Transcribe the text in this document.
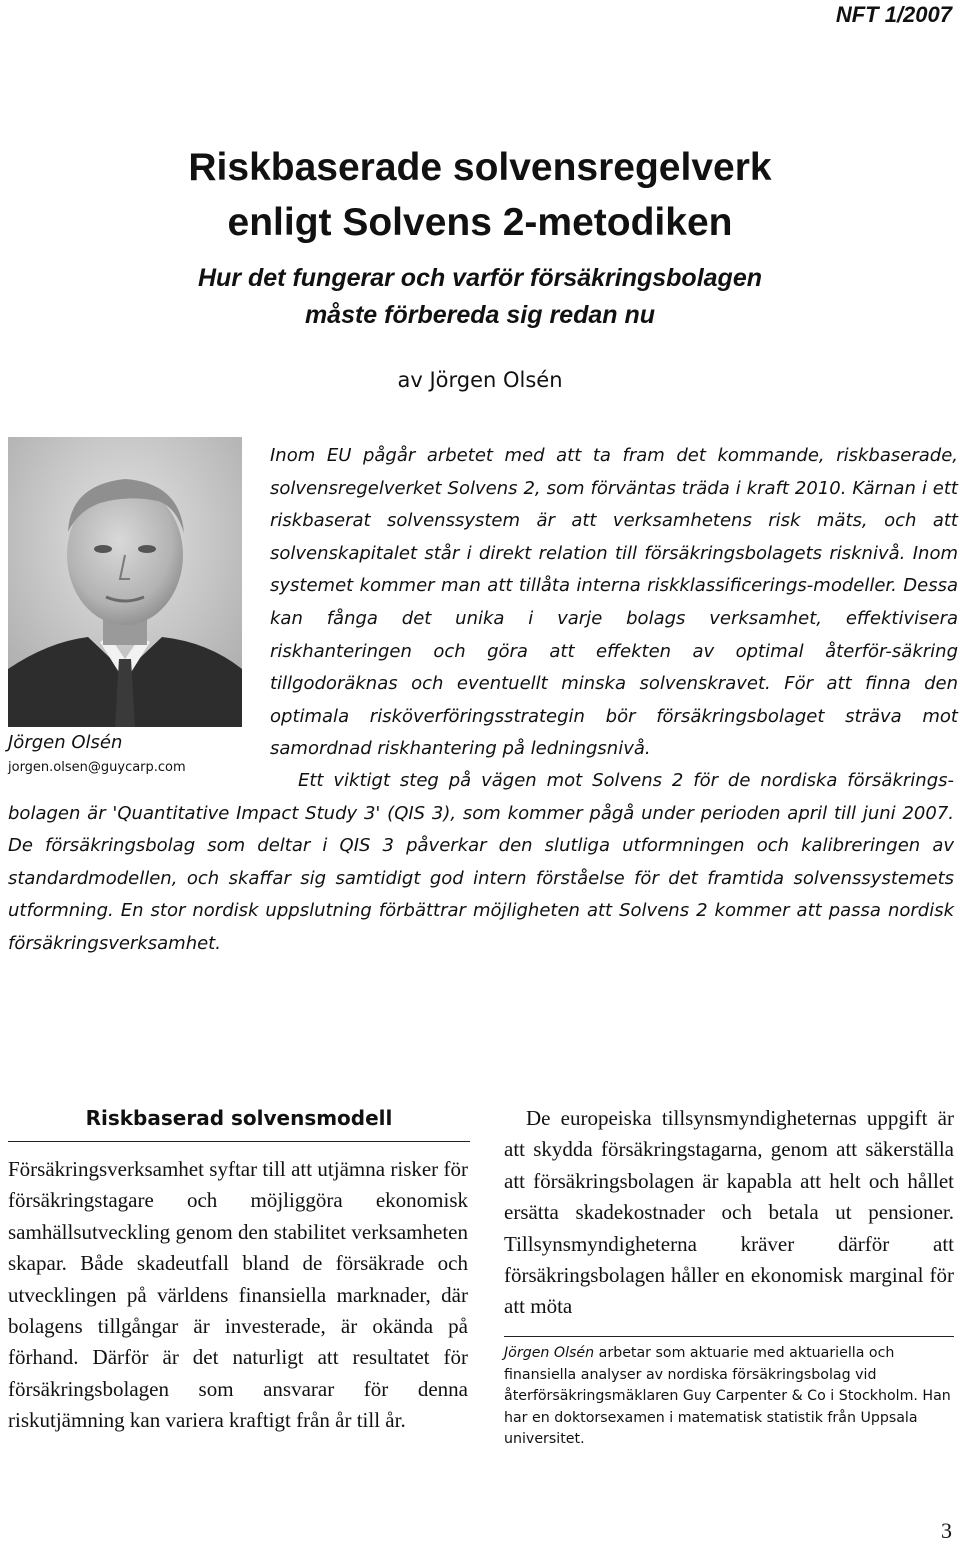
NFT 1/2007
Riskbaserade solvensregelverk
enligt Solvens 2-metodiken
Hur det fungerar och varför försäkringsbolagen
måste förbereda sig redan nu
av Jörgen Olsén
Jörgen Olsén
jorgen.olsen@guycarp.com

Inom EU pågår arbetet med att ta fram det kommande, riskbaserade, solvensregelverket Solvens 2, som förväntas träda i kraft 2010. Kärnan i ett riskbaserat solvenssystem är att verksamhetens risk mäts, och att solvenskapitalet står i direkt relation till försäkringsbolagets risknivå. Inom systemet kommer man att tillåta interna riskklassificerings-modeller. Dessa kan fånga det unika i varje bolags verksamhet, effektivisera riskhanteringen och göra att effekten av optimal återför-säkring tillgodoräknas och eventuellt minska solvenskravet. För att finna den optimala risköverföringsstrategin bör försäkringsbolaget sträva mot samordnad riskhantering på ledningsnivå.

Ett viktigt steg på vägen mot Solvens 2 för de nordiska försäkrings-bolagen är 'Quantitative Impact Study 3' (QIS 3), som kommer pågå under perioden april till juni 2007. De försäkringsbolag som deltar i QIS 3 påverkar den slutliga utformningen och kalibreringen av standardmodellen, och skaffar sig samtidigt god intern förståelse för det framtida solvenssystemets utformning. En stor nordisk uppslutning förbättrar möjligheten att Solvens 2 kommer att passa nordisk försäkringsverksamhet.

Riskbaserad solvensmodell

Försäkringsverksamhet syftar till att utjämna risker för försäkringstagare och möjliggöra ekonomisk samhällsutveckling genom den stabilitet verksamheten skapar. Både skadeutfall bland de försäkrade och utvecklingen på världens finansiella marknader, där bolagens tillgångar är investerade, är okända på förhand. Därför är det naturligt att resultatet för försäkringsbolagen som ansvarar för denna riskutjämning kan variera kraftigt från år till år.

De europeiska tillsynsmyndigheternas uppgift är att skydda försäkringstagarna, genom att säkerställa att försäkringsbolagen är kapabla att helt och hållet ersätta skadekostnader och betala ut pensioner. Tillsynsmyndigheterna kräver därför att försäkringsbolagen håller en ekonomisk marginal för att möta

Jörgen Olsén arbetar som aktuarie med aktuariella och finansiella analyser av nordiska försäkringsbolag vid återförsäkringsmäklaren Guy Carpenter & Co i Stockholm. Han har en doktorsexamen i matematisk statistik från Uppsala universitet.
3
